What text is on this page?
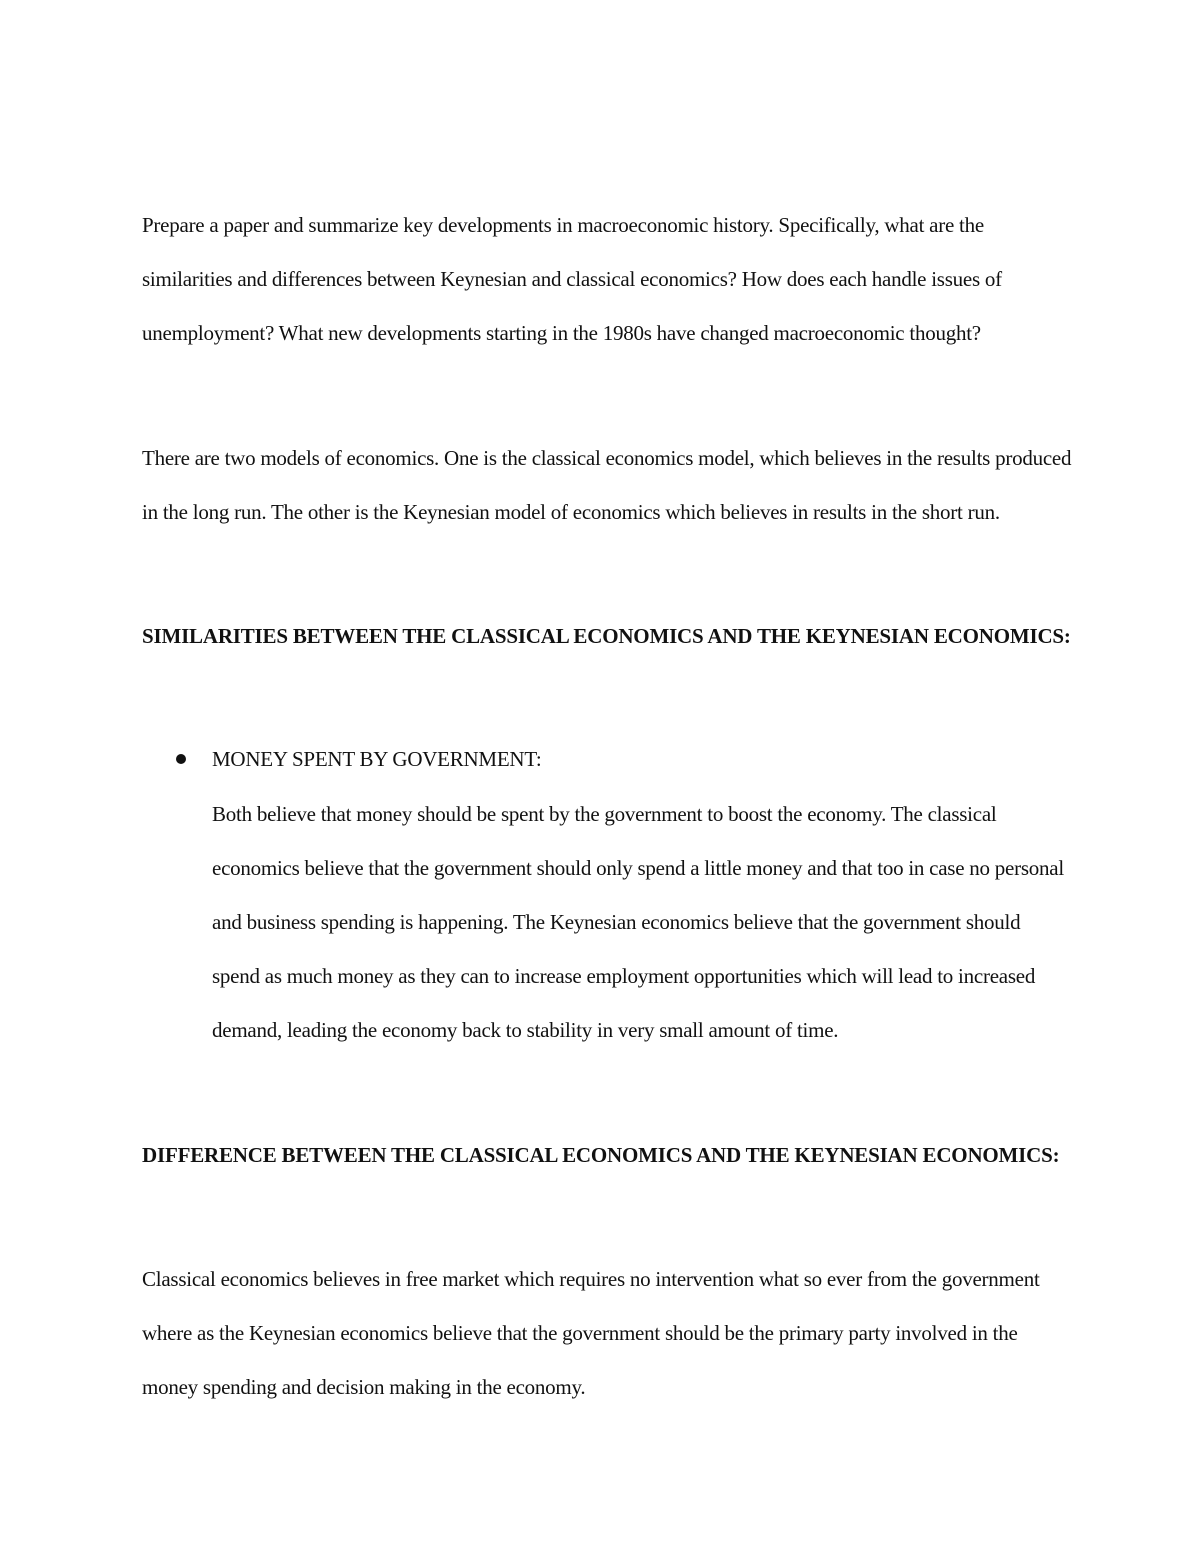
Prepare a paper and summarize key developments in macroeconomic history. Specifically, what are the similarities and differences between Keynesian and classical economics? How does each handle issues of unemployment? What new developments starting in the 1980s have changed macroeconomic thought?

There are two models of economics. One is the classical economics model, which believes in the results produced in the long run. The other is the Keynesian model of economics which believes in results in the short run.

SIMILARITIES BETWEEN THE CLASSICAL ECONOMICS AND THE KEYNESIAN ECONOMICS:

MONEY SPENT BY GOVERNMENT:

Both believe that money should be spent by the government to boost the economy. The classical economics believe that the government should only spend a little money and that too in case no personal and business spending is happening. The Keynesian economics believe that the government should spend as much money as they can to increase employment opportunities which will lead to increased demand, leading the economy back to stability in very small amount of time.

DIFFERENCE BETWEEN THE CLASSICAL ECONOMICS AND THE KEYNESIAN ECONOMICS:

Classical economics believes in free market which requires no intervention what so ever from the government where as the Keynesian economics believe that the government should be the primary party involved in the money spending and decision making in the economy.
